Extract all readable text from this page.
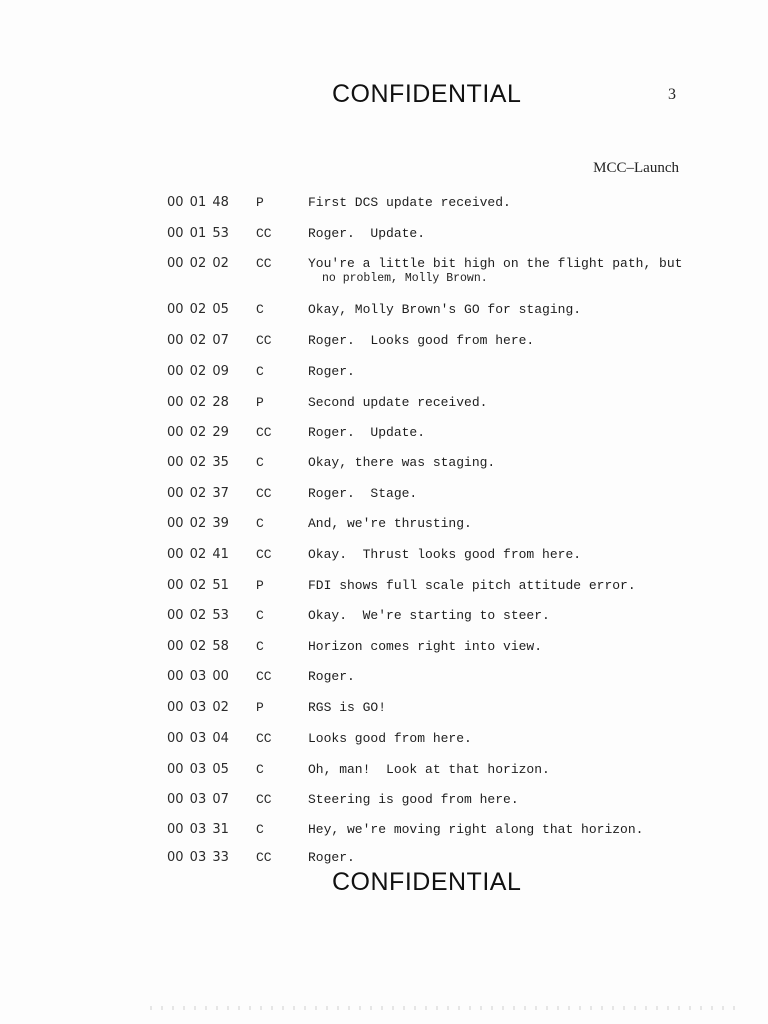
CONFIDENTIAL	3
MCC–Launch
00 01 48 P	First DCS update received.
00 01 53 CC	Roger.  Update.
00 02 02 CC	You're a little bit high on the flight path, but
no problem, Molly Brown.
00 02 05 C	Okay, Molly Brown's GO for staging.
00 02 07 CC	Roger.  Looks good from here.
00 02 09 C	Roger.
00 02 28 P	Second update received.
00 02 29 CC	Roger.  Update.
00 02 35 C	Okay, there was staging.
00 02 37 CC	Roger.  Stage.
00 02 39 C	And, we're thrusting.
00 02 41 CC	Okay.  Thrust looks good from here.
00 02 51 P	FDI shows full scale pitch attitude error.
00 02 53 C	Okay.  We're starting to steer.
00 02 58 C	Horizon comes right into view.
00 03 00 CC	Roger.
00 03 02 P	RGS is GO!
00 03 04 CC	Looks good from here.
00 03 05 C	Oh, man!  Look at that horizon.
00 03 07 CC	Steering is good from here.
00 03 31 C	Hey, we're moving right along that horizon.
00 03 33 CC	Roger.
CONFIDENTIAL
